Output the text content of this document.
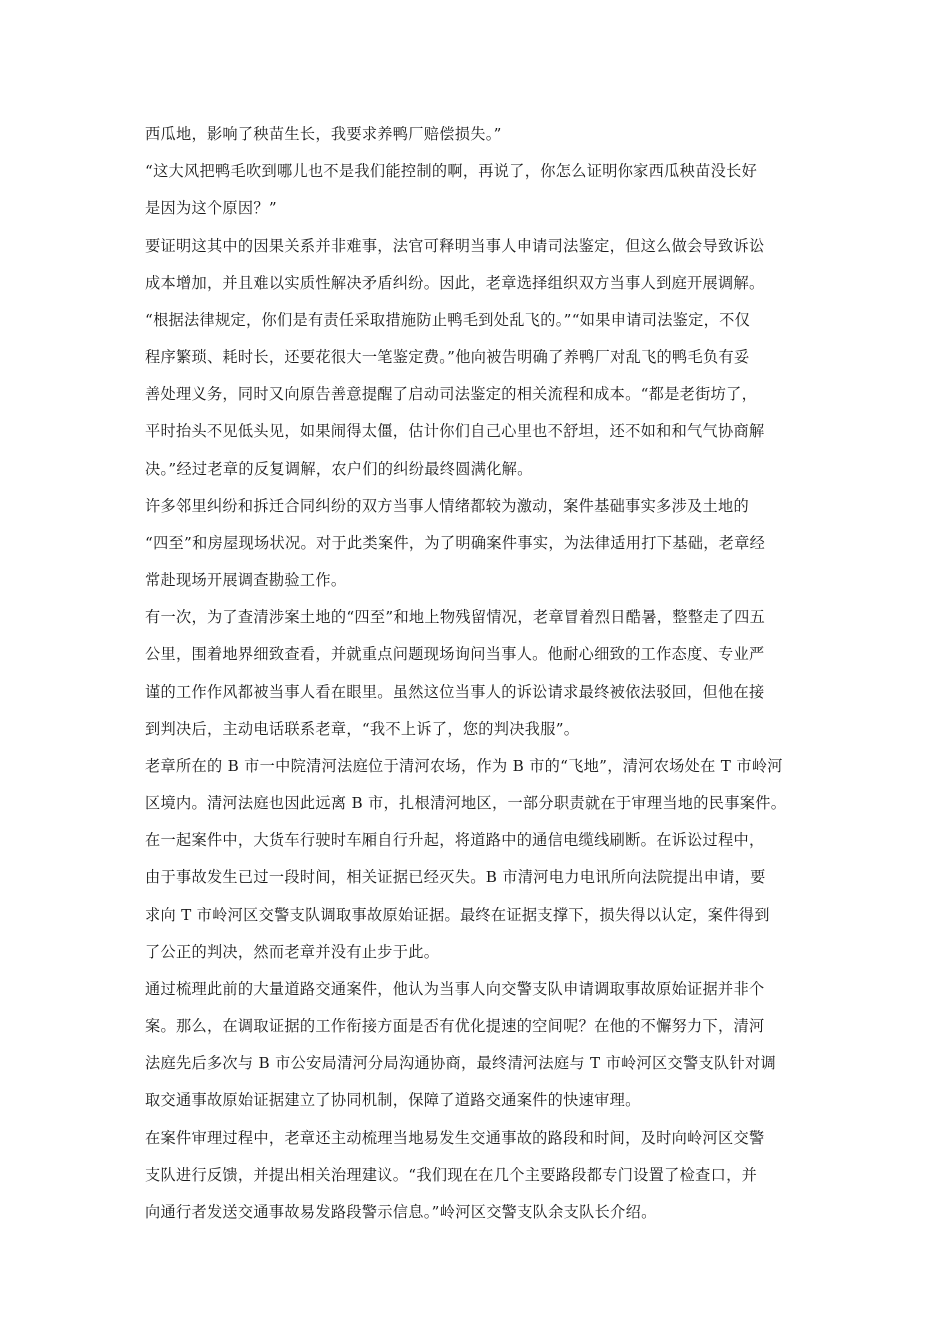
西瓜地，影响了秧苗生长，我要求养鸭厂赔偿损失。”
“这大风把鸭毛吹到哪儿也不是我们能控制的啊，再说了，你怎么证明你家西瓜秧苗没长好
是因为这个原因？”
要证明这其中的因果关系并非难事，法官可释明当事人申请司法鉴定，但这么做会导致诉讼
成本增加，并且难以实质性解决矛盾纠纷。因此，老章选择组织双方当事人到庭开展调解。
“根据法律规定，你们是有责任采取措施防止鸭毛到处乱飞的。”“如果申请司法鉴定，不仅
程序繁琐、耗时长，还要花很大一笔鉴定费。”他向被告明确了养鸭厂对乱飞的鸭毛负有妥
善处理义务，同时又向原告善意提醒了启动司法鉴定的相关流程和成本。“都是老街坊了，
平时抬头不见低头见，如果闹得太僵，估计你们自己心里也不舒坦，还不如和和气气协商解
决。”经过老章的反复调解，农户们的纠纷最终圆满化解。
许多邻里纠纷和拆迁合同纠纷的双方当事人情绪都较为激动，案件基础事实多涉及土地的
“四至”和房屋现场状况。对于此类案件，为了明确案件事实，为法律适用打下基础，老章经
常赴现场开展调查勘验工作。
有一次，为了查清涉案土地的“四至”和地上物残留情况，老章冒着烈日酷暑，整整走了四五
公里，围着地界细致查看，并就重点问题现场询问当事人。他耐心细致的工作态度、专业严
谨的工作作风都被当事人看在眼里。虽然这位当事人的诉讼请求最终被依法驳回，但他在接
到判决后，主动电话联系老章，“我不上诉了，您的判决我服”。
老章所在的 B 市一中院清河法庭位于清河农场，作为 B 市的“飞地”，清河农场处在 T 市岭河
区境内。清河法庭也因此远离 B 市，扎根清河地区，一部分职责就在于审理当地的民事案件。
在一起案件中，大货车行驶时车厢自行升起，将道路中的通信电缆线刷断。在诉讼过程中，
由于事故发生已过一段时间，相关证据已经灭失。B 市清河电力电讯所向法院提出申请，要
求向 T 市岭河区交警支队调取事故原始证据。最终在证据支撑下，损失得以认定，案件得到
了公正的判决，然而老章并没有止步于此。
通过梳理此前的大量道路交通案件，他认为当事人向交警支队申请调取事故原始证据并非个
案。那么，在调取证据的工作衔接方面是否有优化提速的空间呢？在他的不懈努力下，清河
法庭先后多次与 B 市公安局清河分局沟通协商，最终清河法庭与 T 市岭河区交警支队针对调
取交通事故原始证据建立了协同机制，保障了道路交通案件的快速审理。
在案件审理过程中，老章还主动梳理当地易发生交通事故的路段和时间，及时向岭河区交警
支队进行反馈，并提出相关治理建议。“我们现在在几个主要路段都专门设置了检查口，并
向通行者发送交通事故易发路段警示信息。”岭河区交警支队余支队长介绍。
